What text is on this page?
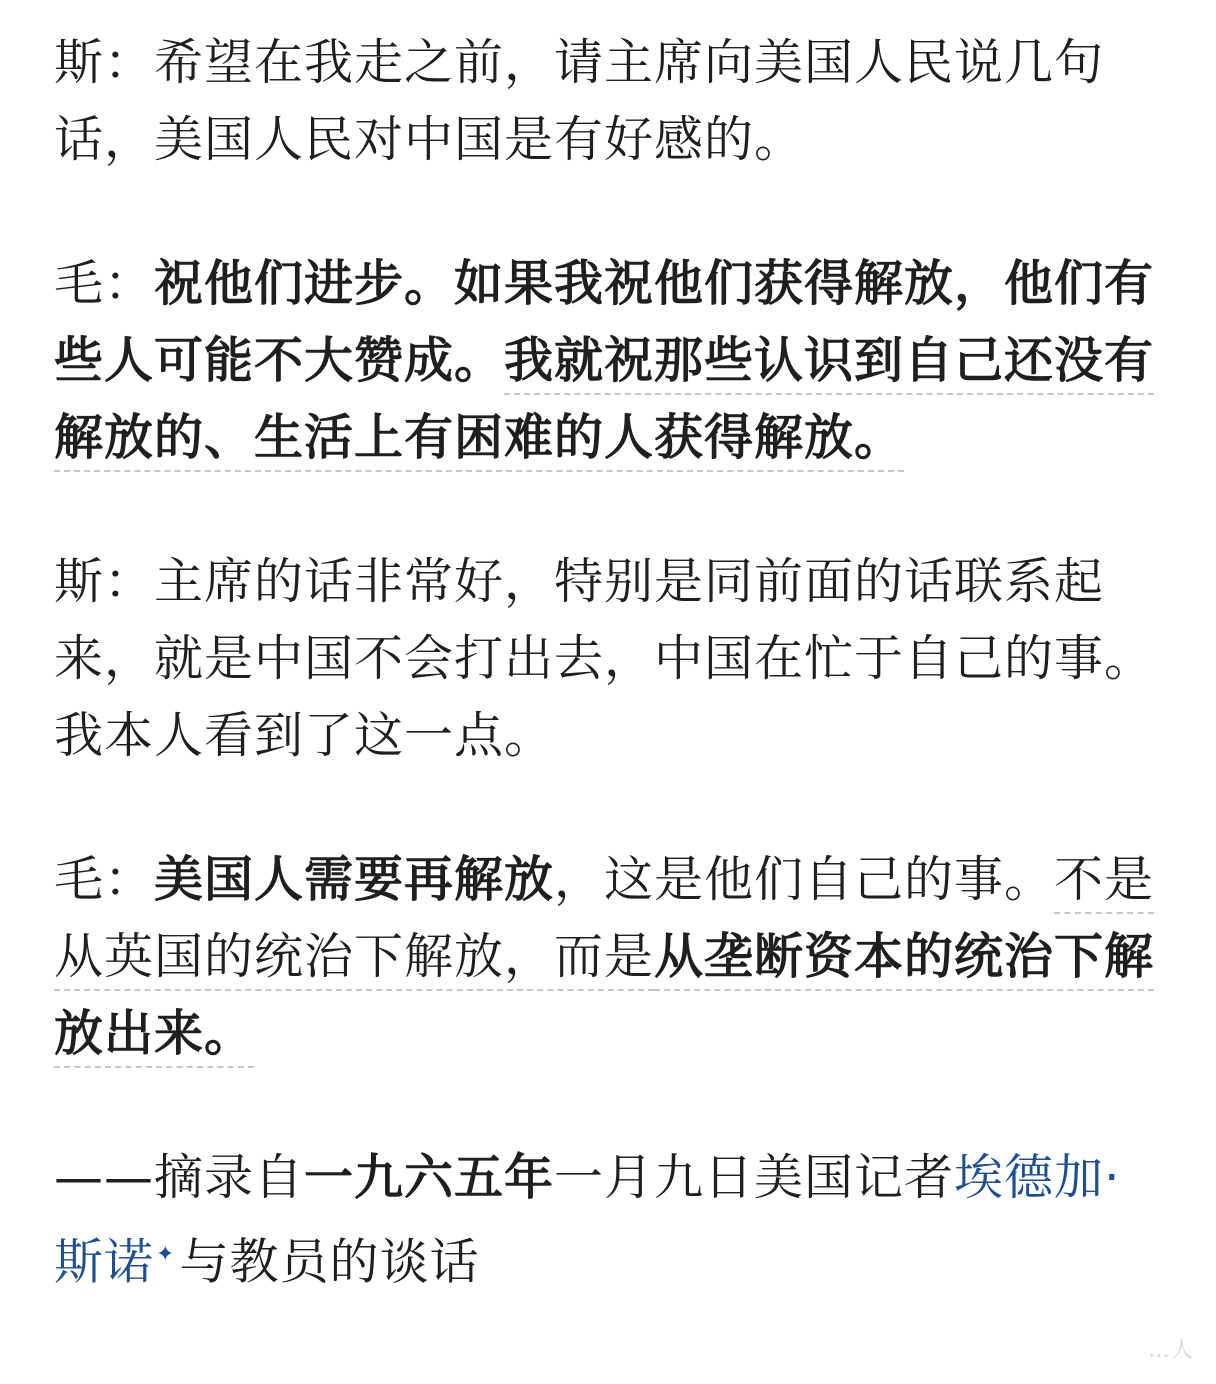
斯：希望在我走之前，请主席向美国人民说几句话，美国人民对中国是有好感的。
毛：祝他们进步。如果我祝他们获得解放，他们有些人可能不大赞成。我就祝那些认识到自己还没有解放的、生活上有困难的人获得解放。
斯：主席的话非常好，特别是同前面的话联系起来，就是中国不会打出去，中国在忙于自己的事。我本人看到了这一点。
毛：美国人需要再解放，这是他们自己的事。不是从英国的统治下解放，而是从垄断资本的统治下解放出来。
——摘录自一九六五年一月九日美国记者埃德加·斯诺✦与教员的谈话
…人
